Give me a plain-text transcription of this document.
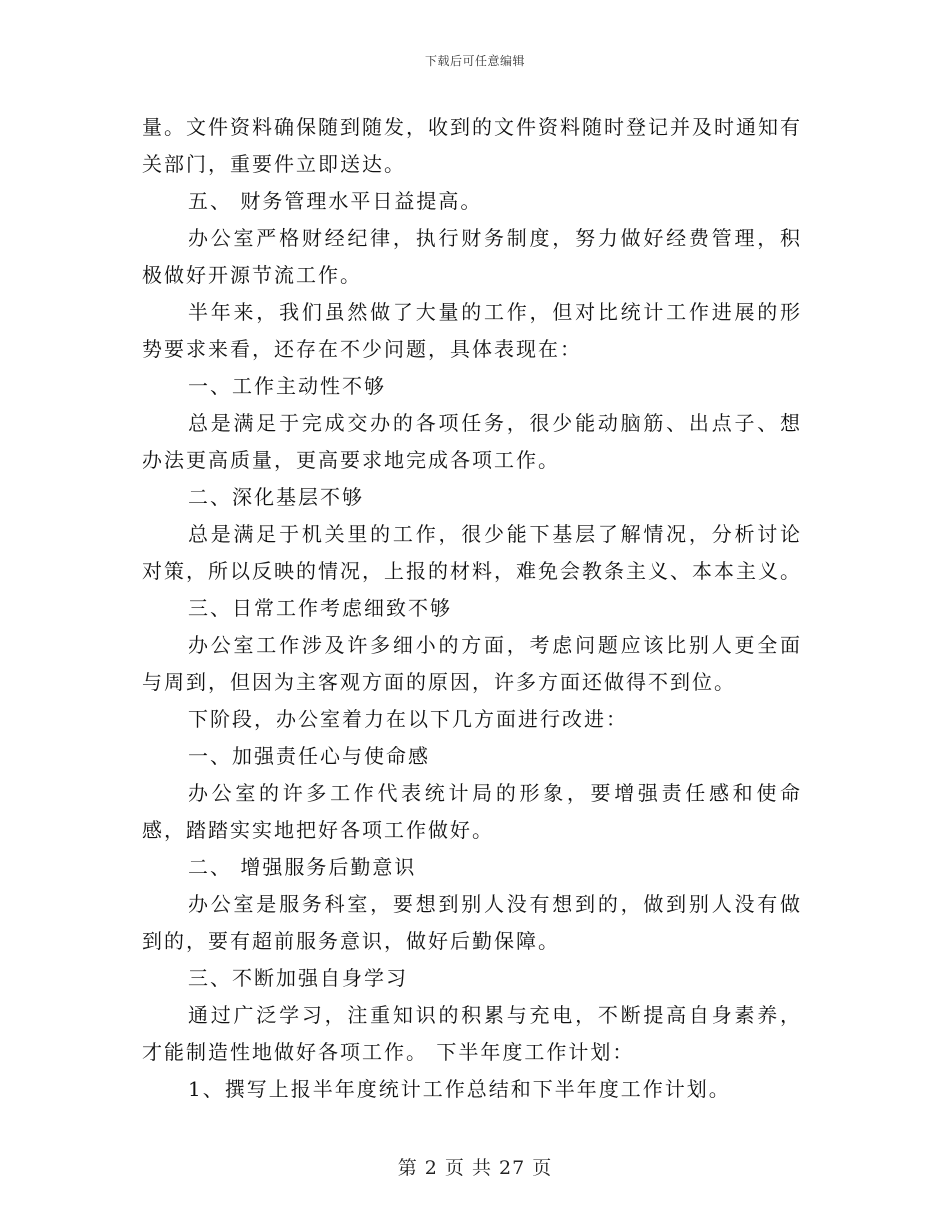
下载后可任意编辑

量。文件资料确保随到随发，收到的文件资料随时登记并及时通知有关部门，重要件立即送达。

五、 财务管理水平日益提高。

办公室严格财经纪律，执行财务制度，努力做好经费管理，积极做好开源节流工作。

半年来，我们虽然做了大量的工作，但对比统计工作进展的形势要求来看，还存在不少问题，具体表现在：

一、工作主动性不够

总是满足于完成交办的各项任务，很少能动脑筋、出点子、想办法更高质量，更高要求地完成各项工作。

二、深化基层不够

总是满足于机关里的工作，很少能下基层了解情况，分析讨论对策，所以反映的情况，上报的材料，难免会教条主义、本本主义。

三、日常工作考虑细致不够

办公室工作涉及许多细小的方面，考虑问题应该比别人更全面与周到，但因为主客观方面的原因，许多方面还做得不到位。

下阶段，办公室着力在以下几方面进行改进：

一、加强责任心与使命感

办公室的许多工作代表统计局的形象，要增强责任感和使命感，踏踏实实地把好各项工作做好。

二、 增强服务后勤意识

办公室是服务科室，要想到别人没有想到的，做到别人没有做到的，要有超前服务意识，做好后勤保障。

三、不断加强自身学习

通过广泛学习，注重知识的积累与充电，不断提高自身素养，才能制造性地做好各项工作。 下半年度工作计划：

1、撰写上报半年度统计工作总结和下半年度工作计划。

第 2 页 共 27 页
